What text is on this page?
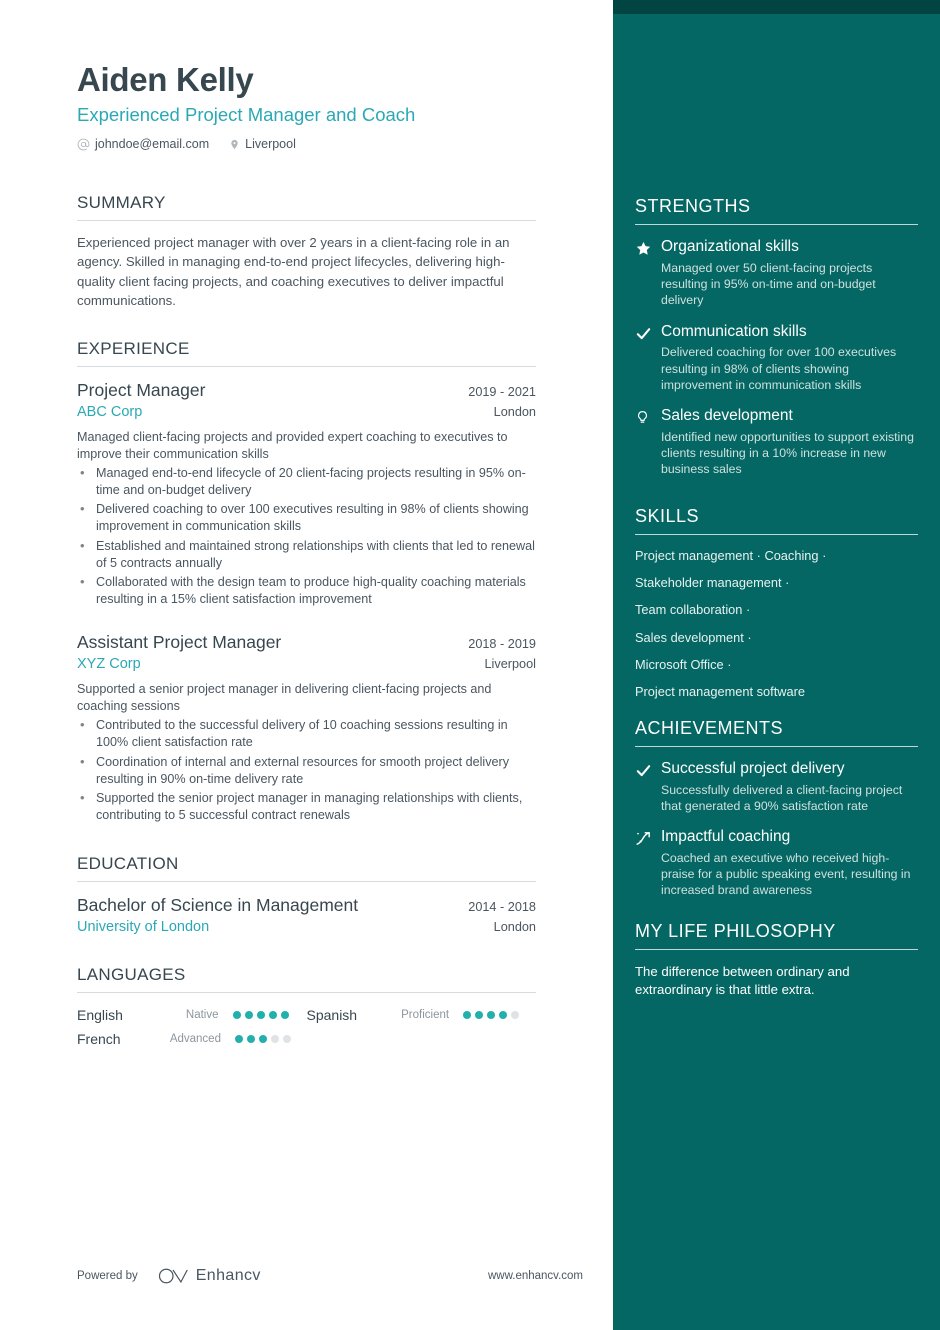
Aiden Kelly
Experienced Project Manager and Coach
johndoe@email.com	Liverpool
SUMMARY
Experienced project manager with over 2 years in a client-facing role in an agency. Skilled in managing end-to-end project lifecycles, delivering high-quality client facing projects, and coaching executives to deliver impactful communications.
EXPERIENCE
Project Manager	2019 - 2021
ABC Corp	London
Managed client-facing projects and provided expert coaching to executives to improve their communication skills
• Managed end-to-end lifecycle of 20 client-facing projects resulting in 95% on-time and on-budget delivery
• Delivered coaching to over 100 executives resulting in 98% of clients showing improvement in communication skills
• Established and maintained strong relationships with clients that led to renewal of 5 contracts annually
• Collaborated with the design team to produce high-quality coaching materials resulting in a 15% client satisfaction improvement
Assistant Project Manager	2018 - 2019
XYZ Corp	Liverpool
Supported a senior project manager in delivering client-facing projects and coaching sessions
• Contributed to the successful delivery of 10 coaching sessions resulting in 100% client satisfaction rate
• Coordination of internal and external resources for smooth project delivery resulting in 90% on-time delivery rate
• Supported the senior project manager in managing relationships with clients, contributing to 5 successful contract renewals
EDUCATION
Bachelor of Science in Management	2014 - 2018
University of London	London
LANGUAGES
English	Native	Spanish	Proficient
French	Advanced
Powered by	Enhancv	www.enhancv.com
STRENGTHS
Organizational skills
Managed over 50 client-facing projects resulting in 95% on-time and on-budget delivery
Communication skills
Delivered coaching for over 100 executives resulting in 98% of clients showing improvement in communication skills
Sales development
Identified new opportunities to support existing clients resulting in a 10% increase in new business sales
SKILLS
Project management · Coaching ·
Stakeholder management ·
Team collaboration ·
Sales development ·
Microsoft Office ·
Project management software
ACHIEVEMENTS
Successful project delivery
Successfully delivered a client-facing project that generated a 90% satisfaction rate
Impactful coaching
Coached an executive who received high-praise for a public speaking event, resulting in increased brand awareness
MY LIFE PHILOSOPHY
The difference between ordinary and extraordinary is that little extra.
